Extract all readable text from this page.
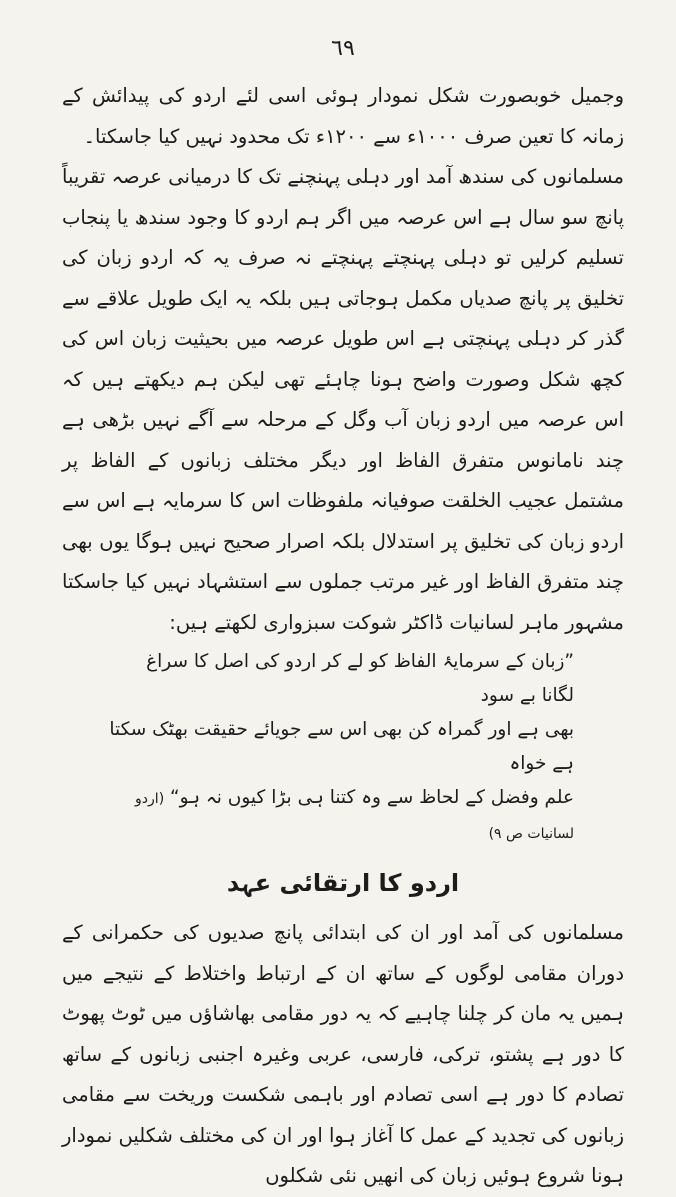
٦٩

وجمیل خوبصورت شکل نمودار ہوئی اسی لئے اردو کی پیدائش کے زمانہ کا تعین صرف ١٠٠٠ء سے ١٢٠٠ء تک محدود نہیں کیا جاسکتا۔

مسلمانوں کی سندھ آمد اور دہلی پہنچنے تک کا درمیانی عرصہ تقریباً پانچ سو سال ہے اس عرصہ میں اگر ہم اردو کا وجود سندھ یا پنجاب تسلیم کرلیں تو دہلی پہنچتے پہنچتے نہ صرف یہ کہ اردو زبان کی تخلیق پر پانچ صدیاں مکمل ہوجاتی ہیں بلکہ یہ ایک طویل علاقے سے گذر کر دہلی پہنچتی ہے اس طویل عرصہ میں بحیثیت زبان اس کی کچھ شکل وصورت واضح ہونا چاہئے تھی لیکن ہم دیکھتے ہیں کہ اس عرصہ میں اردو زبان آب وگل کے مرحلہ سے آگے نہیں بڑھی ہے چند نامانوس متفرق الفاظ اور دیگر مختلف زبانوں کے الفاظ پر مشتمل عجیب الخلقت صوفیانہ ملفوظات اس کا سرمایہ ہے اس سے اردو زبان کی تخلیق پر استدلال بلکہ اصرار صحیح نہیں ہوگا یوں بھی چند متفرق الفاظ اور غیر مرتب جملوں سے استشہاد نہیں کیا جاسکتا مشہور ماہر لسانیات ڈاکٹر شوکت سبزواری لکھتے ہیں:

”زبان کے سرمایۂ الفاظ کو لے کر اردو کی اصل کا سراغ لگانا بے سود
بھی ہے اور گمراہ کن بھی اس سے جویائے حقیقت بھٹک سکتا ہے خواہ
علم وفضل کے لحاظ سے وہ کتنا ہی بڑا کیوں نہ ہو“ (اردو لسانیات ص ٩)
اردو کا ارتقائی عہد

مسلمانوں کی آمد اور ان کی ابتدائی پانچ صدیوں کی حکمرانی کے دوران مقامی لوگوں کے ساتھ ان کے ارتباط واختلاط کے نتیجے میں ہمیں یہ مان کر چلنا چاہیے کہ یہ دور مقامی بھاشاؤں میں ٹوٹ پھوٹ کا دور ہے پشتو، ترکی، فارسی، عربی وغیرہ اجنبی زبانوں کے ساتھ تصادم کا دور ہے اسی تصادم اور باہمی شکست وریخت سے مقامی زبانوں کی تجدید کے عمل کا آغاز ہوا اور ان کی مختلف شکلیں نمودار ہونا شروع ہوئیں زبان کی انھیں نئی شکلوں
